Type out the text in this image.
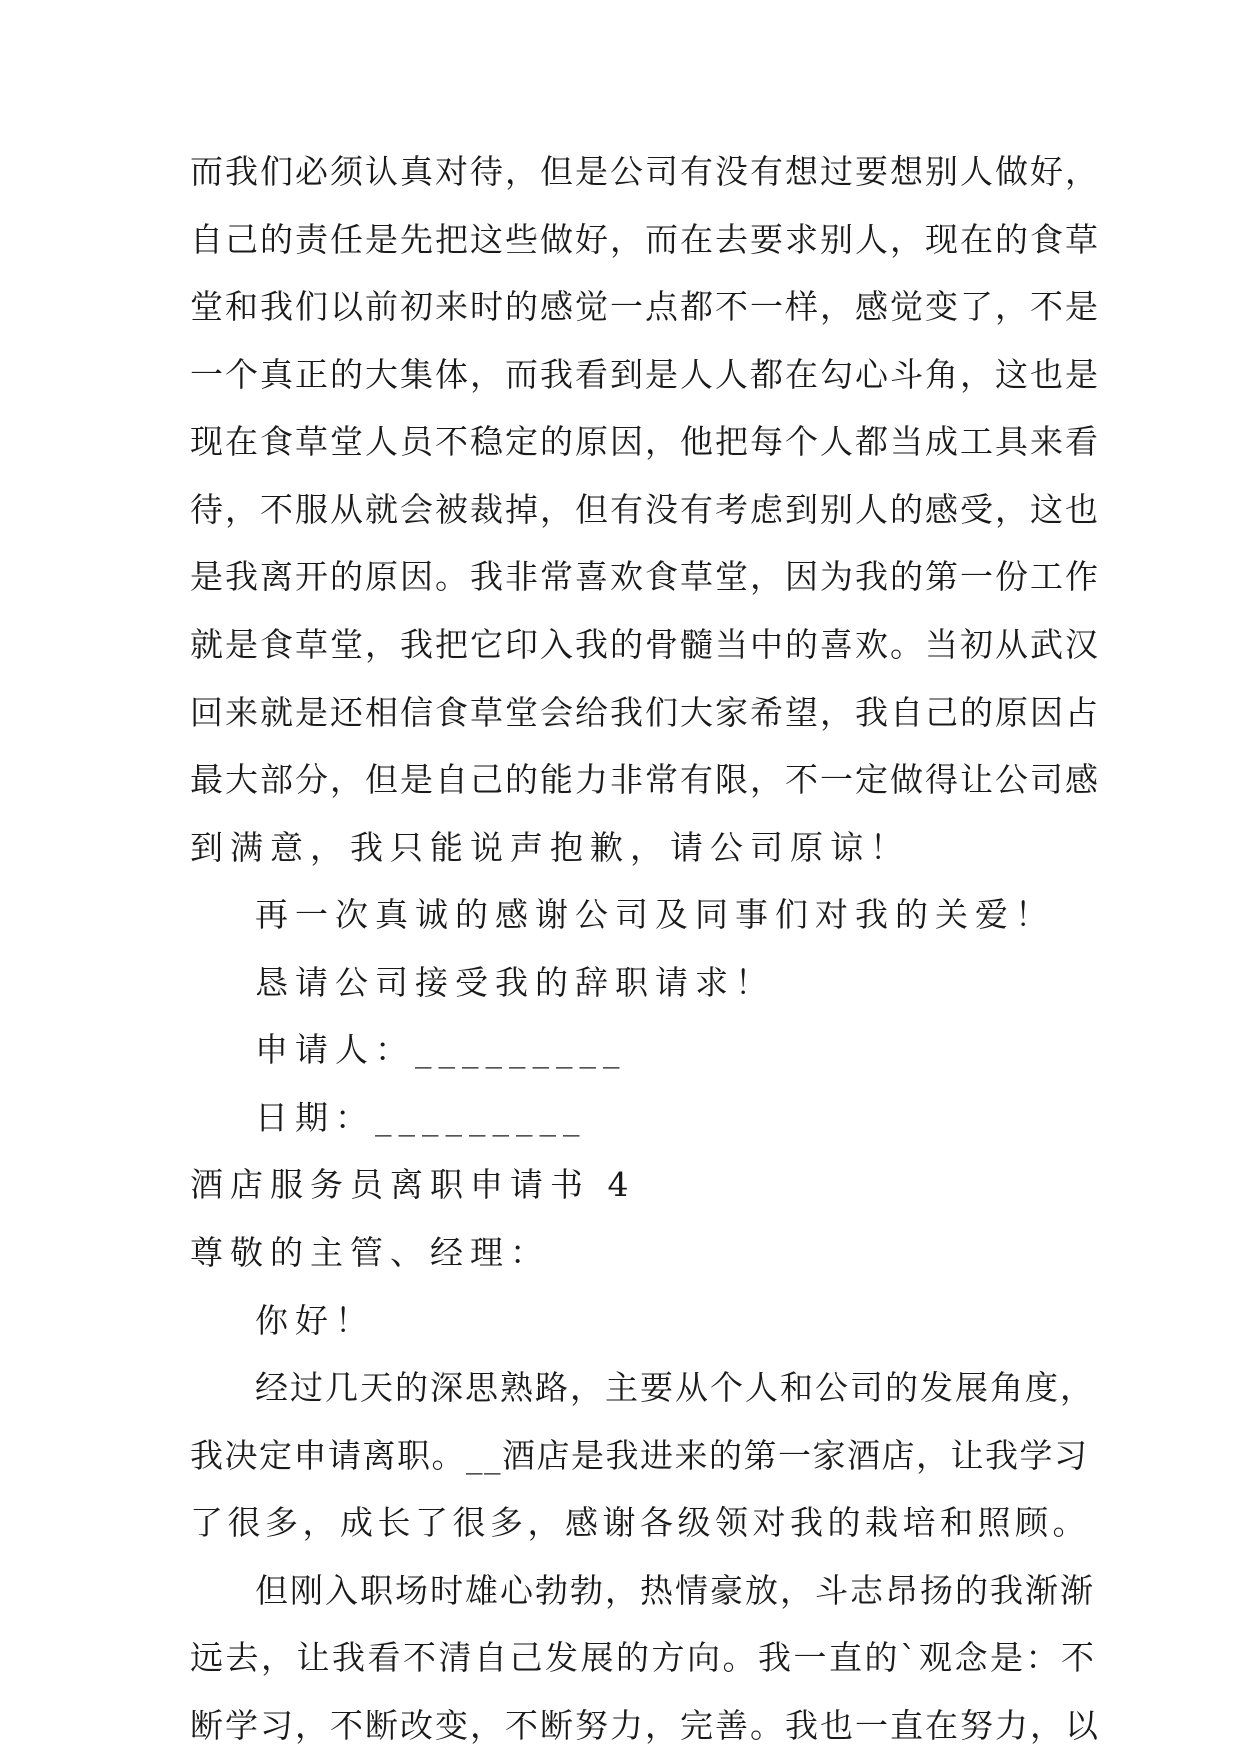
而我们必须认真对待，但是公司有没有想过要想别人做好，
自己的责任是先把这些做好，而在去要求别人，现在的食草
堂和我们以前初来时的感觉一点都不一样，感觉变了，不是
一个真正的大集体，而我看到是人人都在勾心斗角，这也是
现在食草堂人员不稳定的原因，他把每个人都当成工具来看
待，不服从就会被裁掉，但有没有考虑到别人的感受，这也
是我离开的原因。我非常喜欢食草堂，因为我的第一份工作
就是食草堂，我把它印入我的骨髓当中的喜欢。当初从武汉
回来就是还相信食草堂会给我们大家希望，我自己的原因占
最大部分，但是自己的能力非常有限，不一定做得让公司感
到满意，我只能说声抱歉，请公司原谅！
再一次真诚的感谢公司及同事们对我的关爱！
恳请公司接受我的辞职请求！
申请人：_________
日期：_________
酒店服务员离职申请书 4
尊敬的主管、经理：
你好！
经过几天的深思熟路，主要从个人和公司的发展角度，
我决定申请离职。__酒店是我进来的第一家酒店，让我学习
了很多，成长了很多，感谢各级领对我的栽培和照顾。
但刚入职场时雄心勃勃，热情豪放，斗志昂扬的我渐渐
远去，让我看不清自己发展的方向。我一直的`观念是：不
断学习，不断改变，不断努力，完善。我也一直在努力，以
